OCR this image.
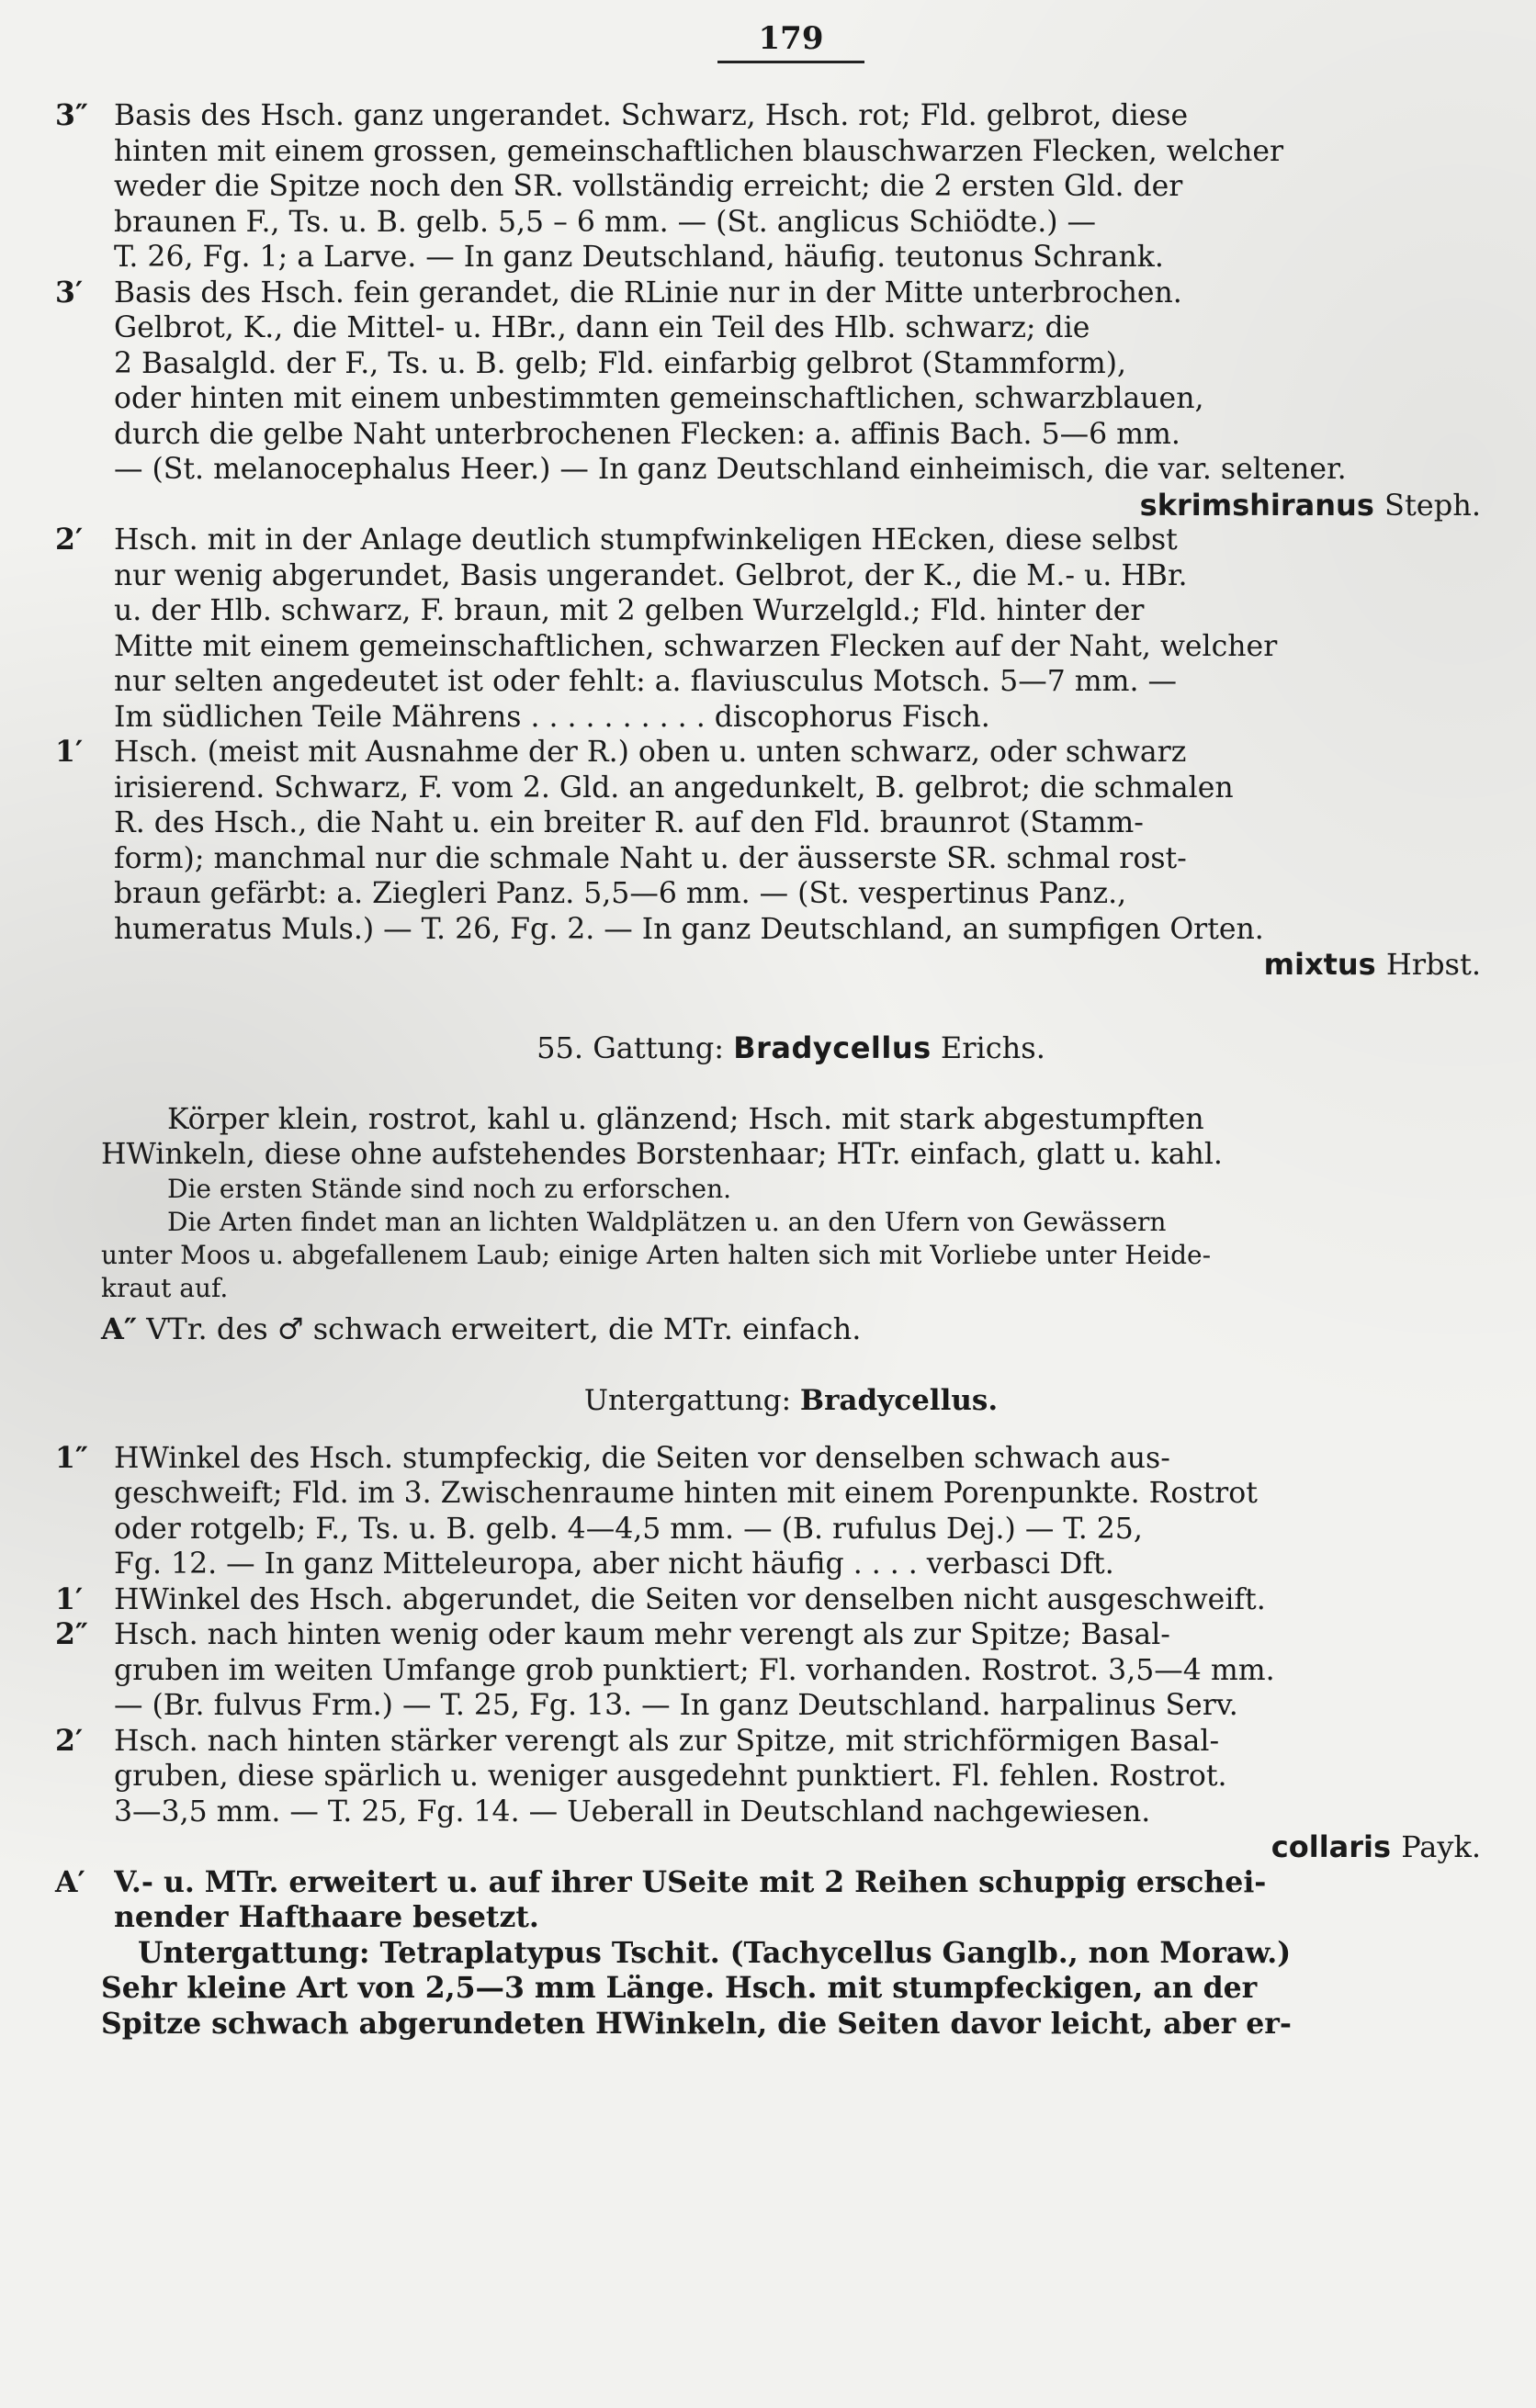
179
3″ Basis des Hsch. ganz ungerandet. Schwarz, Hsch. rot; Fld. gelbrot, diese
hinten mit einem grossen, gemeinschaftlichen blauschwarzen Flecken, welcher
weder die Spitze noch den SR. vollständig erreicht; die 2 ersten Gld. der
braunen F., Ts. u. B. gelb. 5,5 – 6 mm. — (St. anglicus Schiödte.) —
T. 26, Fg. 1; a Larve. — In ganz Deutschland, häufig. teutonus Schrank.
3′ Basis des Hsch. fein gerandet, die RLinie nur in der Mitte unterbrochen.
Gelbrot, K., die Mittel- u. HBr., dann ein Teil des Hlb. schwarz; die
2 Basalgld. der F., Ts. u. B. gelb; Fld. einfarbig gelbrot (Stammform),
oder hinten mit einem unbestimmten gemeinschaftlichen, schwarzblauen,
durch die gelbe Naht unterbrochenen Flecken: a. affinis Bach. 5—6 mm.
— (St. melanocephalus Heer.) — In ganz Deutschland einheimisch, die var. seltener.
skrimshiranus Steph.
2′ Hsch. mit in der Anlage deutlich stumpfwinkeligen HEcken, diese selbst
nur wenig abgerundet, Basis ungerandet. Gelbrot, der K., die M.- u. HBr.
u. der Hlb. schwarz, F. braun, mit 2 gelben Wurzelgld.; Fld. hinter der
Mitte mit einem gemeinschaftlichen, schwarzen Flecken auf der Naht, welcher
nur selten angedeutet ist oder fehlt: a. flaviusculus Motsch. 5—7 mm. —
Im südlichen Teile Mährens . . . . . . . . . . discophorus Fisch.
1′ Hsch. (meist mit Ausnahme der R.) oben u. unten schwarz, oder schwarz
irisierend. Schwarz, F. vom 2. Gld. an angedunkelt, B. gelbrot; die schmalen
R. des Hsch., die Naht u. ein breiter R. auf den Fld. braunrot (Stamm-
form); manchmal nur die schmale Naht u. der äusserste SR. schmal rost-
braun gefärbt: a. Ziegleri Panz. 5,5—6 mm. — (St. vespertinus Panz.,
humeratus Muls.) — T. 26, Fg. 2. — In ganz Deutschland, an sumpfigen Orten.
mixtus Hrbst.
55. Gattung: Bradycellus Erichs.
Körper klein, rostrot, kahl u. glänzend; Hsch. mit stark abgestumpften
HWinkeln, diese ohne aufstehendes Borstenhaar; HTr. einfach, glatt u. kahl.
Die ersten Stände sind noch zu erforschen.
Die Arten findet man an lichten Waldplätzen u. an den Ufern von Gewässern
unter Moos u. abgefallenem Laub; einige Arten halten sich mit Vorliebe unter Heide-
kraut auf.
A″ VTr. des ♂ schwach erweitert, die MTr. einfach.
Untergattung: Bradycellus.
1″ HWinkel des Hsch. stumpfeckig, die Seiten vor denselben schwach aus-
geschweift; Fld. im 3. Zwischenraume hinten mit einem Porenpunkte. Rostrot
oder rotgelb; F., Ts. u. B. gelb. 4—4,5 mm. — (B. rufulus Dej.) — T. 25,
Fg. 12. — In ganz Mitteleuropa, aber nicht häufig . . . . verbasci Dft.
1′ HWinkel des Hsch. abgerundet, die Seiten vor denselben nicht ausgeschweift.
2″ Hsch. nach hinten wenig oder kaum mehr verengt als zur Spitze; Basal-
gruben im weiten Umfange grob punktiert; Fl. vorhanden. Rostrot. 3,5—4 mm.
— (Br. fulvus Frm.) — T. 25, Fg. 13. — In ganz Deutschland. harpalinus Serv.
2′ Hsch. nach hinten stärker verengt als zur Spitze, mit strichförmigen Basal-
gruben, diese spärlich u. weniger ausgedehnt punktiert. Fl. fehlen. Rostrot.
3—3,5 mm. — T. 25, Fg. 14. — Ueberall in Deutschland nachgewiesen.
collaris Payk.
A′ V.- u. MTr. erweitert u. auf ihrer USeite mit 2 Reihen schuppig erschei-
nender Hafthaare besetzt.
Untergattung: Tetraplatypus Tschit. (Tachycellus Ganglb., non Moraw.)
Sehr kleine Art von 2,5—3 mm Länge. Hsch. mit stumpfeckigen, an der
Spitze schwach abgerundeten HWinkeln, die Seiten davor leicht, aber er-
